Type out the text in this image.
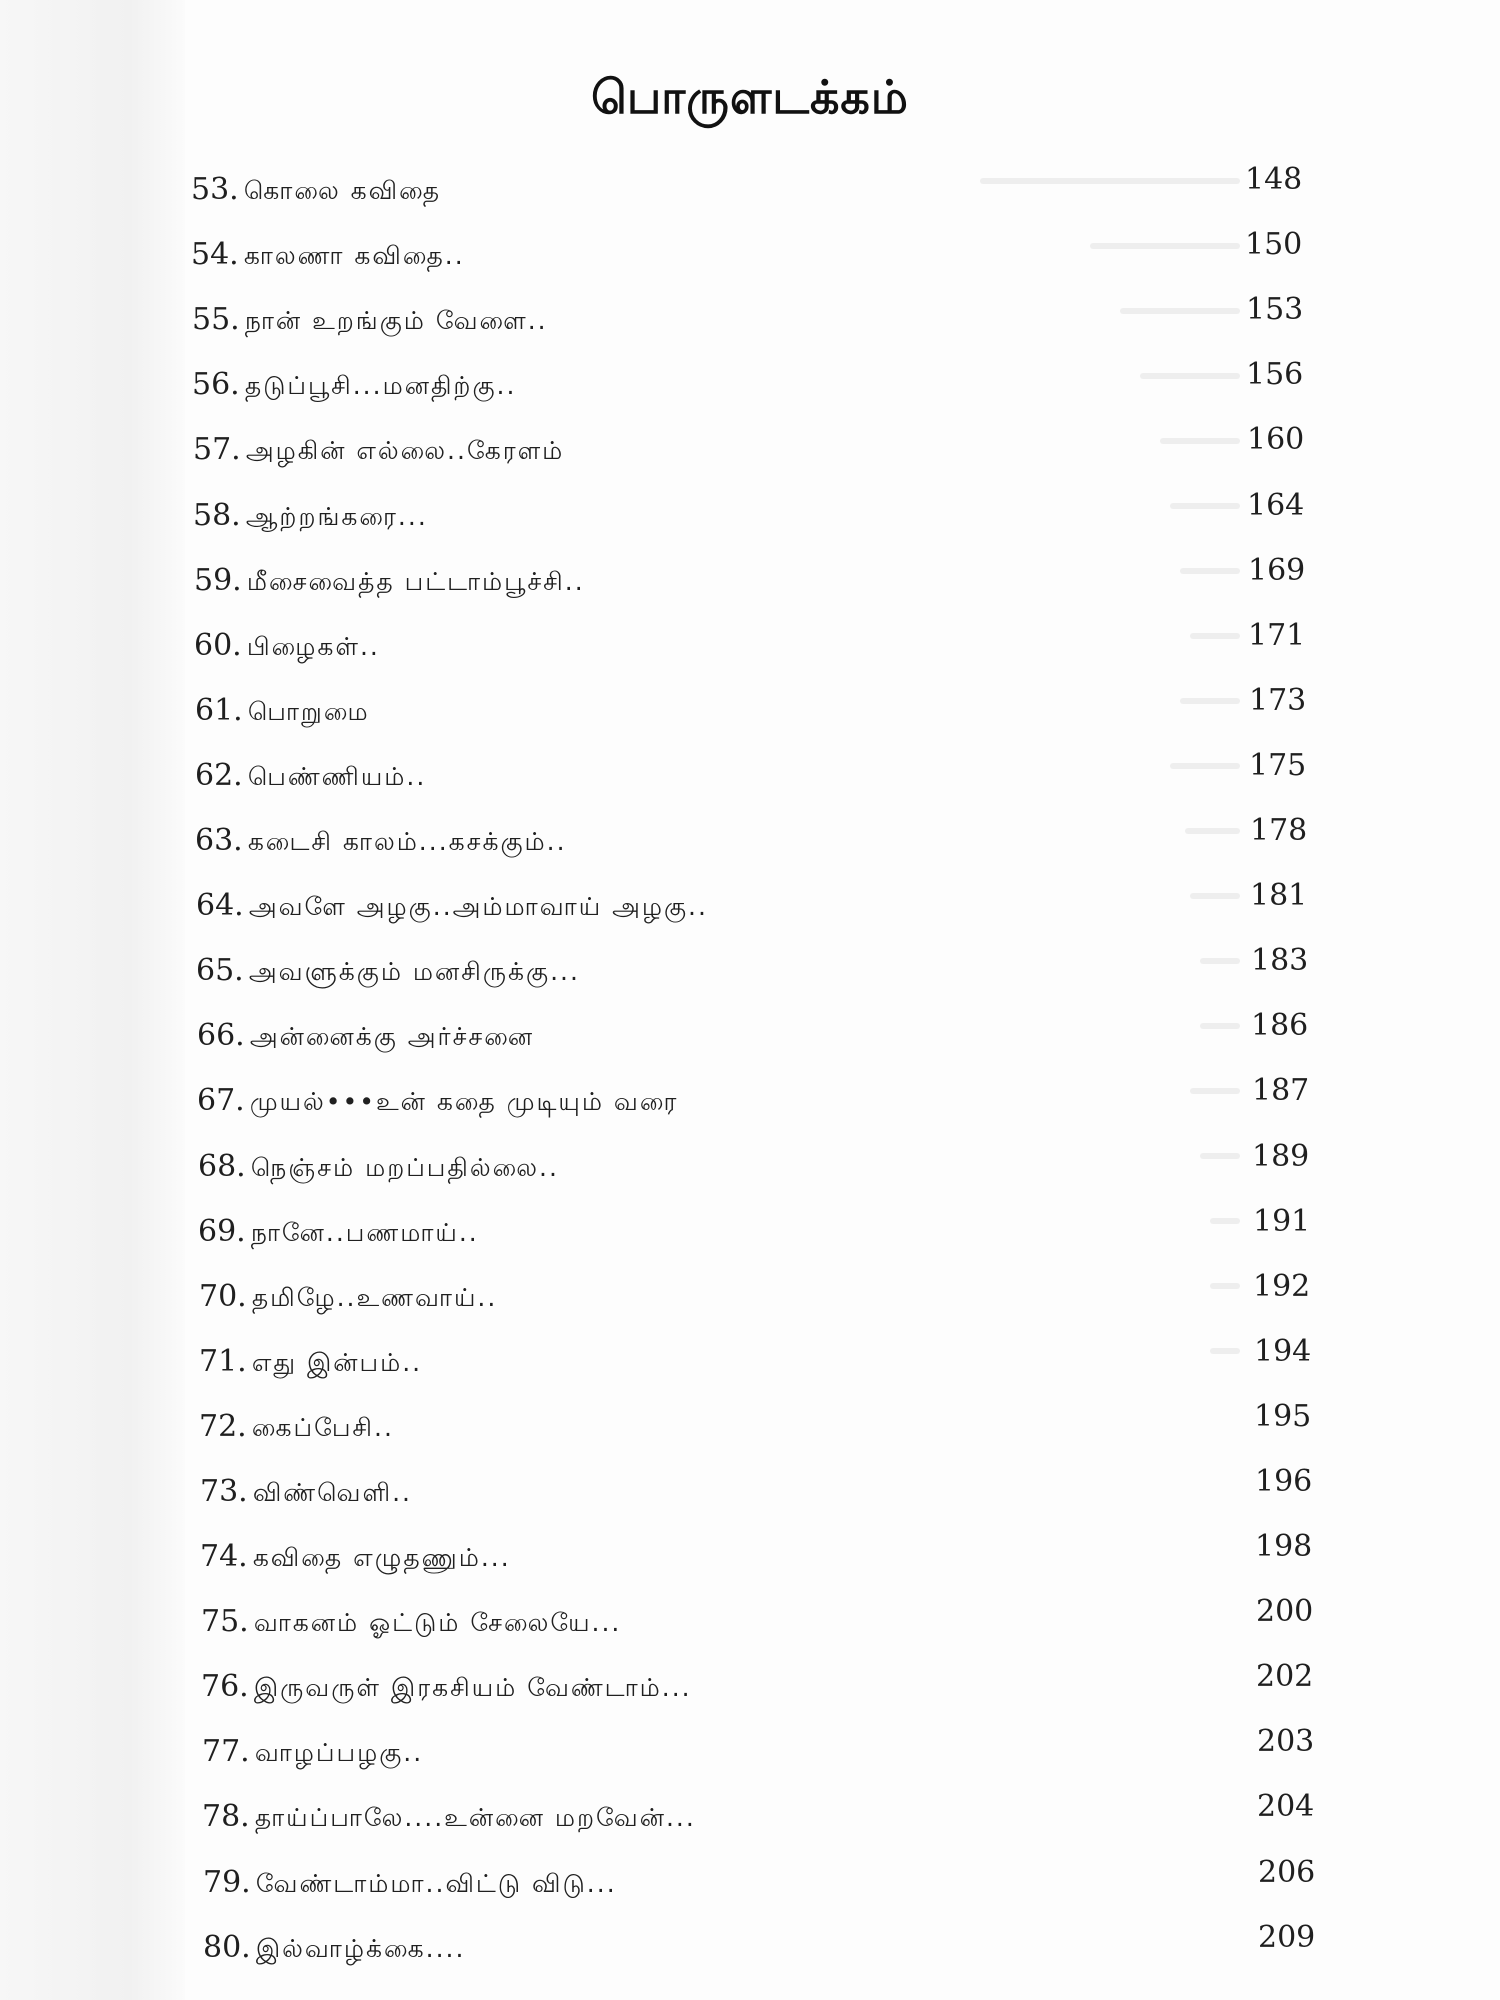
பொருளடக்கம்
53. கொலை கவிதை	148
54. காலணா கவிதை..	150
55. நான் உறங்கும் வேளை..	153
56. தடுப்பூசி...மனதிற்கு..	156
57. அழகின் எல்லை..கேரளம்	160
58. ஆற்றங்கரை...	164
59. மீசைவைத்த பட்டாம்பூச்சி..	169
60. பிழைகள்..	171
61. பொறுமை	173
62. பெண்ணியம்..	175
63. கடைசி காலம்...கசக்கும்..	178
64. அவளே அழகு..அம்மாவாய் அழகு..	181
65. அவளுக்கும் மனசிருக்கு...	183
66. அன்னைக்கு அர்ச்சனை	186
67. முயல்•••உன் கதை முடியும் வரை	187
68. நெஞ்சம் மறப்பதில்லை..	189
69. நானே..பணமாய்..	191
70. தமிழே..உணவாய்..	192
71. எது இன்பம்..	194
72. கைப்பேசி..	195
73. விண்வெளி..	196
74. கவிதை எழுதணும்...	198
75. வாகனம் ஓட்டும் சேலையே...	200
76. இருவருள் இரகசியம் வேண்டாம்...	202
77. வாழப்பழகு..	203
78. தாய்ப்பாலே....உன்னை மறவேன்...	204
79. வேண்டாம்மா..விட்டு விடு...	206
80. இல்வாழ்க்கை....	209
